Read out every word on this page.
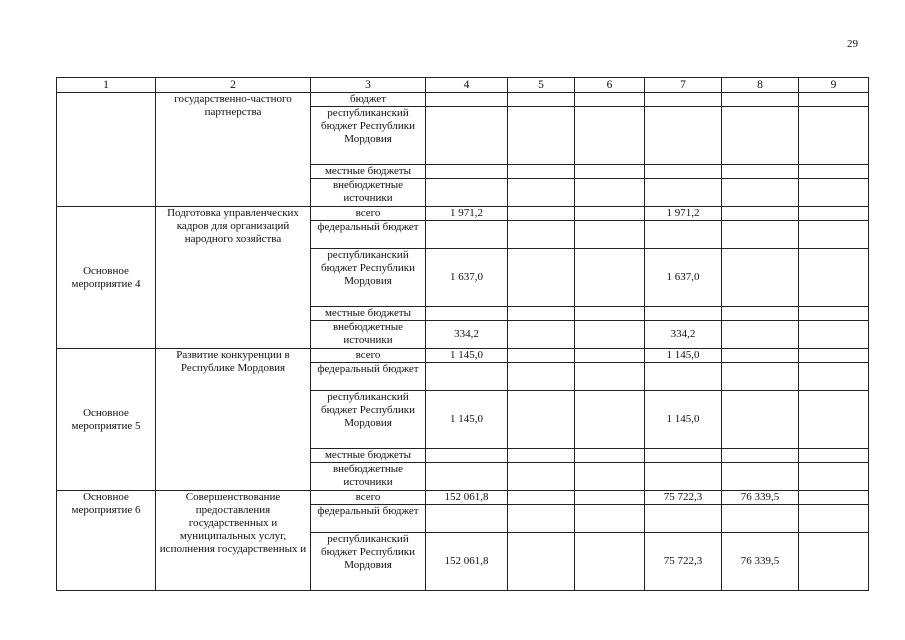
29
1	2	3	4	5	6	7	8	9
	государственно-частного партнерства	бюджет						
		республиканский бюджет Республики Мордовия						
		местные бюджеты						
		внебюджетные источники						
Основное мероприятие 4	Подготовка управленческих кадров для организаций народного хозяйства	всего	1 971,2			1 971,2		
		федеральный бюджет						
		республиканский бюджет Республики Мордовия	1 637,0			1 637,0		
		местные бюджеты						
		внебюджетные источники	334,2			334,2		
Основное мероприятие 5	Развитие конкуренции в Республике Мордовия	всего	1 145,0			1 145,0		
		федеральный бюджет						
		республиканский бюджет Республики Мордовия	1 145,0			1 145,0		
		местные бюджеты						
		внебюджетные источники						
Основное мероприятие 6	Совершенствование предоставления государственных и муниципальных услуг, исполнения государственных и	всего	152 061,8			75 722,3	76 339,5	
		федеральный бюджет						
		республиканский бюджет Республики Мордовия	152 061,8			75 722,3	76 339,5	
